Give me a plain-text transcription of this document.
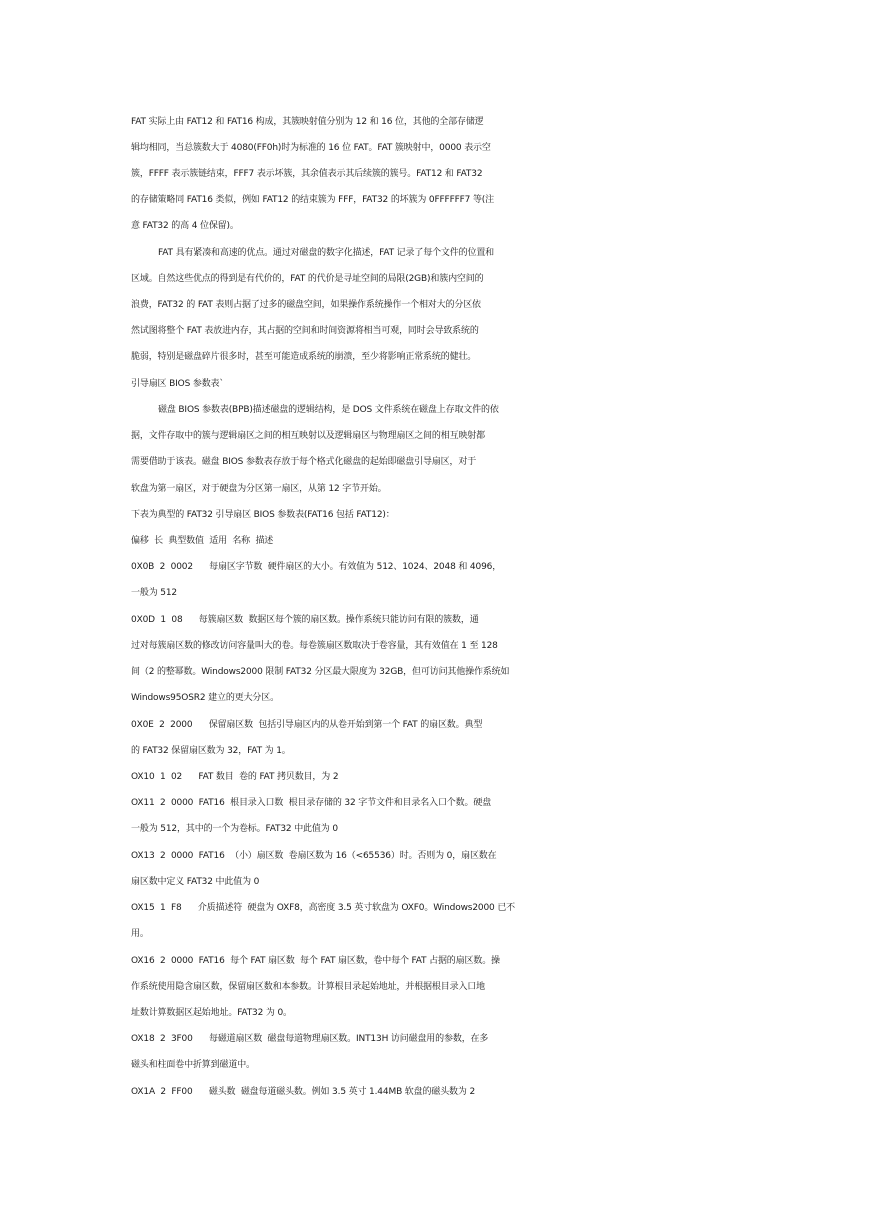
FAT 实际上由 FAT12 和 FAT16 构成，其簇映射值分别为 12 和 16 位，其他的全部存储逻
辑均相同，当总簇数大于 4080(FF0h)时为标准的 16 位 FAT。FAT 簇映射中，0000 表示空
簇，FFFF 表示簇链结束，FFF7 表示坏簇，其余值表示其后续簇的簇号。FAT12 和 FAT32
的存储策略同 FAT16 类似，例如 FAT12 的结束簇为 FFF，FAT32 的坏簇为 0FFFFFF7 等(注
意 FAT32 的高 4 位保留)。
FAT 具有紧凑和高速的优点。通过对磁盘的数字化描述，FAT 记录了每个文件的位置和
区域。自然这些优点的得到是有代价的，FAT 的代价是寻址空间的局限(2GB)和簇内空间的
浪费，FAT32 的 FAT 表则占据了过多的磁盘空间，如果操作系统操作一个相对大的分区依
然试图将整个 FAT 表放进内存，其占据的空间和时间资源将相当可观，同时会导致系统的
脆弱，特别是磁盘碎片很多时，甚至可能造成系统的崩溃，至少将影响正常系统的健壮。
引导扇区 BIOS 参数表`
磁盘 BIOS 参数表(BPB)描述磁盘的逻辑结构，是 DOS 文件系统在磁盘上存取文件的依
据，文件存取中的簇与逻辑扇区之间的相互映射以及逻辑扇区与物理扇区之间的相互映射都
需要借助于该表。磁盘 BIOS 参数表存放于每个格式化磁盘的起始即磁盘引导扇区，对于
软盘为第一扇区，对于硬盘为分区第一扇区，从第 12 字节开始。
下表为典型的 FAT32 引导扇区 BIOS 参数表(FAT16 包括 FAT12)：
偏移  长  典型数值  适用  名称  描述
0X0B  2  0002      每扇区字节数  硬件扇区的大小。有效值为 512、1024、2048 和 4096，
一般为 512
0X0D  1  08      每簇扇区数  数据区每个簇的扇区数。操作系统只能访问有限的簇数，通
过对每簇扇区数的修改访问容量叫大的卷。每卷簇扇区数取决于卷容量，其有效值在 1 至 128
间（2 的整幂数。Windows2000 限制 FAT32 分区最大限度为 32GB，但可访问其他操作系统如
Windows95OSR2 建立的更大分区。
0X0E  2  2000      保留扇区数  包括引导扇区内的从卷开始到第一个 FAT 的扇区数。典型
的 FAT32 保留扇区数为 32，FAT 为 1。
OX10  1  02      FAT 数目  卷的 FAT 拷贝数目，为 2
OX11  2  0000  FAT16  根目录入口数  根目录存储的 32 字节文件和目录名入口个数。硬盘
一般为 512，其中的一个为卷标。FAT32 中此值为 0
OX13  2  0000  FAT16  （小）扇区数  卷扇区数为 16（<65536）时。否则为 0，扇区数在
扇区数中定义 FAT32 中此值为 0
OX15  1  F8      介质描述符  硬盘为 OXF8，高密度 3.5 英寸软盘为 OXF0。Windows2000 已不
用。
OX16  2  0000  FAT16  每个 FAT 扇区数  每个 FAT 扇区数，卷中每个 FAT 占据的扇区数。操
作系统使用隐含扇区数，保留扇区数和本参数。计算根目录起始地址，并根据根目录入口地
址数计算数据区起始地址。FAT32 为 0。
OX18  2  3F00      每磁道扇区数  磁盘每道物理扇区数。INT13H 访问磁盘用的参数，在多
磁头和柱面卷中折算到磁道中。
OX1A  2  FF00      磁头数  磁盘每道磁头数。例如 3.5 英寸 1.44MB 软盘的磁头数为 2
